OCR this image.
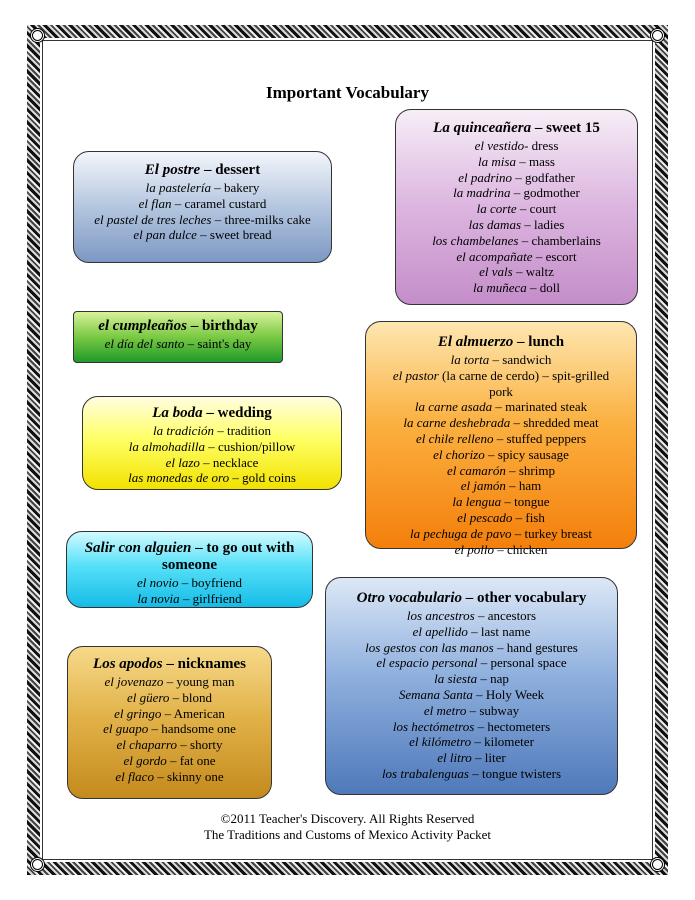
Important Vocabulary
El postre – dessert
la pastelería – bakery
el flan – caramel custard
el pastel de tres leches – three-milks cake
el pan dulce – sweet bread
La quinceañera – sweet 15
el vestido- dress
la misa – mass
el padrino – godfather
la madrina – godmother
la corte – court
las damas – ladies
los chambelanes – chamberlains
el acompañate – escort
el vals – waltz
la muñeca – doll
el cumpleaños – birthday
el día del santo – saint's day	El almuerzo – lunch
la torta – sandwich
el pastor (la carne de cerdo) – spit-grilled
pork
la carne asada – marinated steak
la carne deshebrada – shredded meat
el chile relleno – stuffed peppers
el chorizo – spicy sausage
el camarón – shrimp
el jamón – ham
la lengua – tongue
el pescado – fish
la pechuga de pavo – turkey breast
el pollo – chicken
La boda – wedding
la tradición – tradition
la almohadilla – cushion/pillow
el lazo – necklace
las monedas de oro – gold coins
Salir con alguien – to go out with someone
el novio – boyfriend
la novia – girlfriend	Otro vocabulario – other vocabulary
los ancestros – ancestors
el apellido – last name
los gestos con las manos – hand gestures
el espacio personal – personal space
la siesta – nap
Semana Santa – Holy Week
el metro – subway
los hectómetros – hectometers
el kilómetro – kilometer
el litro – liter
los trabalenguas – tongue twisters
Los apodos – nicknames
el jovenazo – young man
el güero – blond
el gringo – American
el guapo – handsome one
el chaparro – shorty
el gordo – fat one
el flaco – skinny one
©2011 Teacher's Discovery. All Rights Reserved
The Traditions and Customs of Mexico Activity Packet
